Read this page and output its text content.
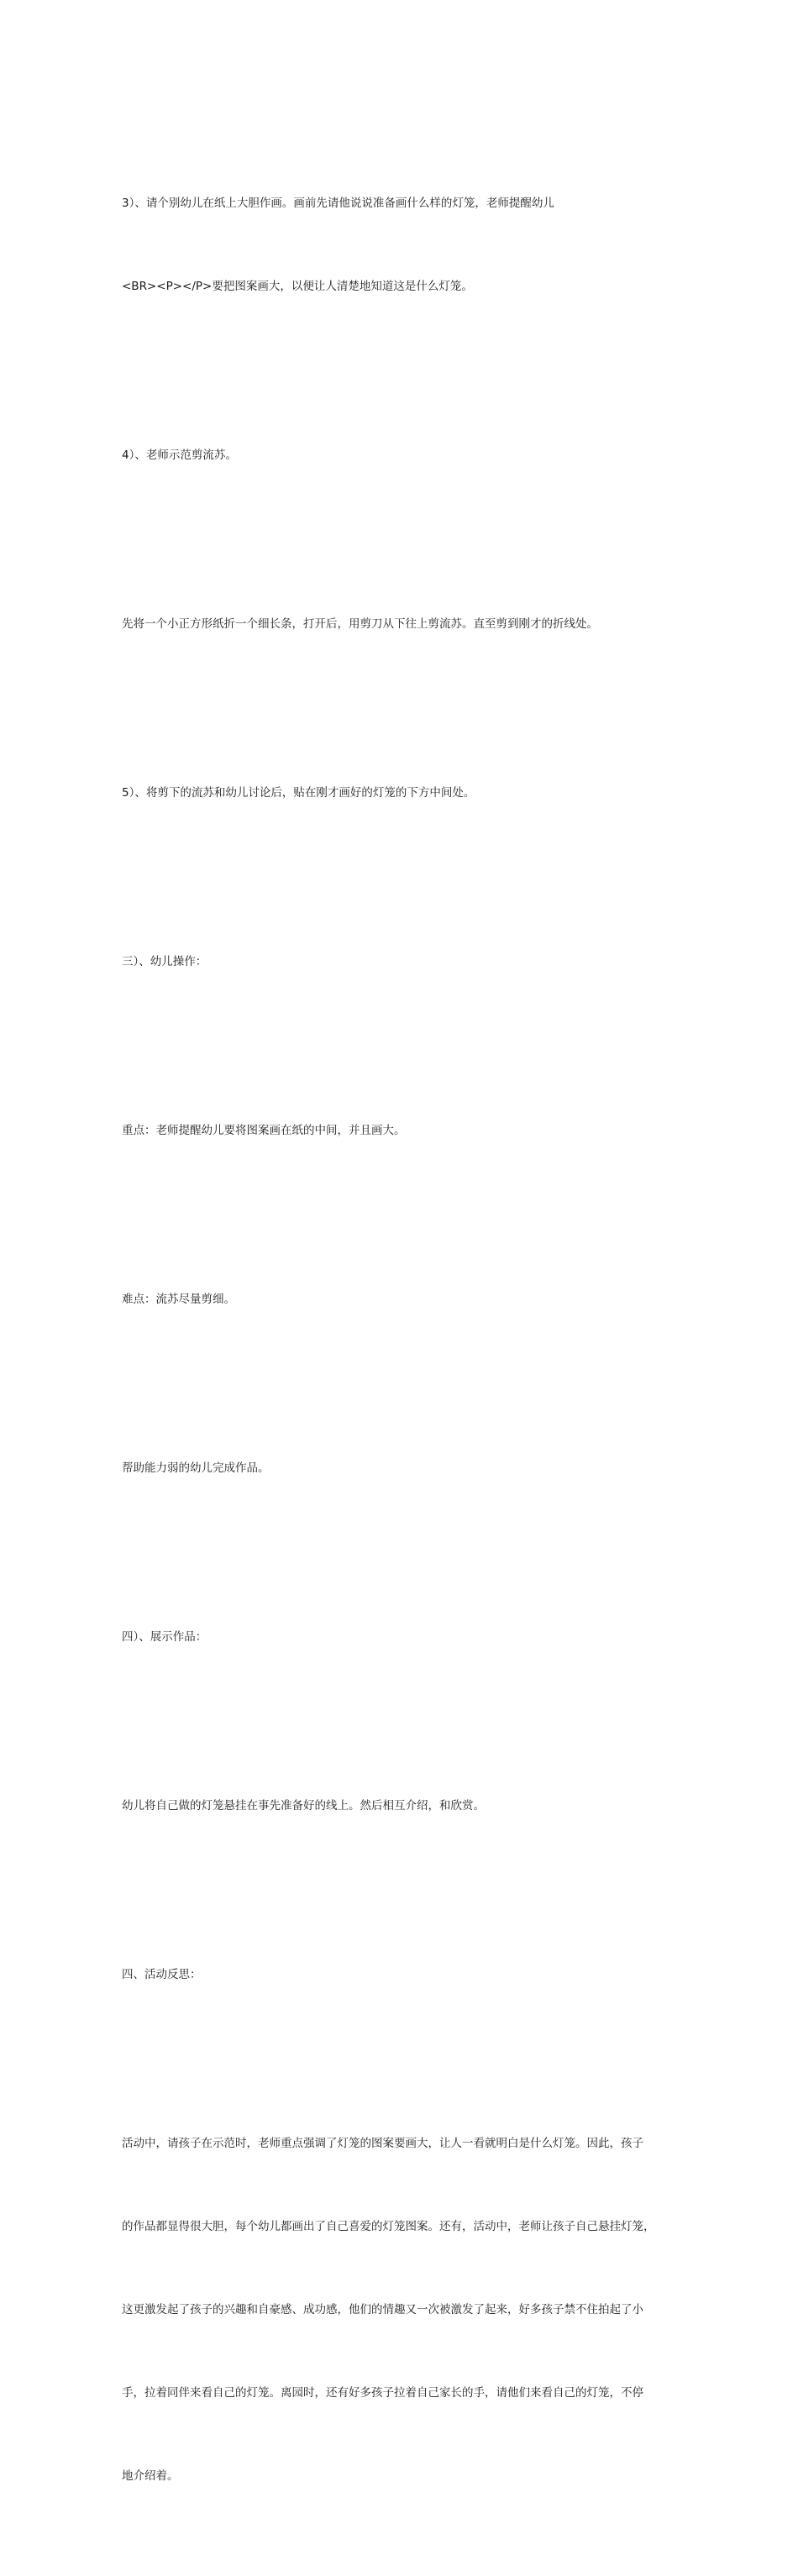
3）、请个别幼儿在纸上大胆作画。画前先请他说说准备画什么样的灯笼，老师提醒幼儿

<BR><P></P>要把图案画大，以便让人清楚地知道这是什么灯笼。

4）、老师示范剪流苏。

先将一个小正方形纸折一个细长条，打开后，用剪刀从下往上剪流苏。直至剪到刚才的折线处。

5）、将剪下的流苏和幼儿讨论后，贴在刚才画好的灯笼的下方中间处。

三）、幼儿操作：

重点：老师提醒幼儿要将图案画在纸的中间，并且画大。

难点：流苏尽量剪细。

帮助能力弱的幼儿完成作品。

四）、展示作品：

幼儿将自己做的灯笼悬挂在事先准备好的线上。然后相互介绍，和欣赏。

四、活动反思：

活动中，请孩子在示范时，老师重点强调了灯笼的图案要画大，让人一看就明白是什么灯笼。因此，孩子

的作品都显得很大胆，每个幼儿都画出了自己喜爱的灯笼图案。还有，活动中，老师让孩子自己悬挂灯笼，

这更激发起了孩子的兴趣和自豪感、成功感，他们的情趣又一次被激发了起来，好多孩子禁不住拍起了小

手，拉着同伴来看自己的灯笼。离园时，还有好多孩子拉着自己家长的手，请他们来看自己的灯笼，不停

地介绍着。
